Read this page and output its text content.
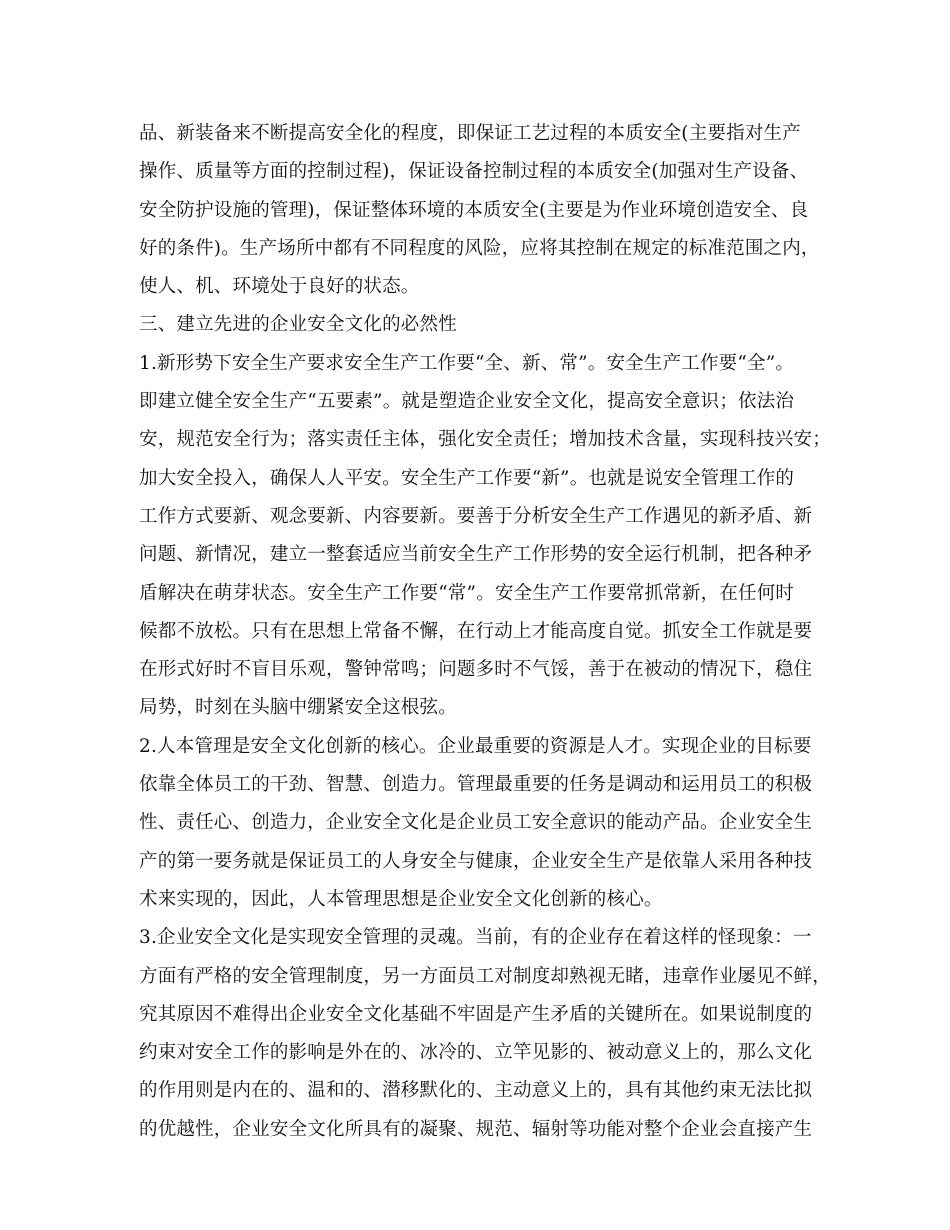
品、新装备来不断提高安全化的程度，即保证工艺过程的本质安全(主要指对生产
操作、质量等方面的控制过程)，保证设备控制过程的本质安全(加强对生产设备、
安全防护设施的管理)，保证整体环境的本质安全(主要是为作业环境创造安全、良
好的条件)。生产场所中都有不同程度的风险，应将其控制在规定的标准范围之内，
使人、机、环境处于良好的状态。
三、建立先进的企业安全文化的必然性
1.新形势下安全生产要求安全生产工作要“全、新、常”。安全生产工作要“全”。
即建立健全安全生产“五要素”。就是塑造企业安全文化，提高安全意识；依法治
安，规范安全行为；落实责任主体，强化安全责任；增加技术含量，实现科技兴安；
加大安全投入，确保人人平安。安全生产工作要“新”。也就是说安全管理工作的
工作方式要新、观念要新、内容要新。要善于分析安全生产工作遇见的新矛盾、新
问题、新情况，建立一整套适应当前安全生产工作形势的安全运行机制，把各种矛
盾解决在萌芽状态。安全生产工作要“常”。安全生产工作要常抓常新，在任何时
候都不放松。只有在思想上常备不懈，在行动上才能高度自觉。抓安全工作就是要
在形式好时不盲目乐观，警钟常鸣；问题多时不气馁，善于在被动的情况下，稳住
局势，时刻在头脑中绷紧安全这根弦。
2.人本管理是安全文化创新的核心。企业最重要的资源是人才。实现企业的目标要
依靠全体员工的干劲、智慧、创造力。管理最重要的任务是调动和运用员工的积极
性、责任心、创造力，企业安全文化是企业员工安全意识的能动产品。企业安全生
产的第一要务就是保证员工的人身安全与健康，企业安全生产是依靠人采用各种技
术来实现的，因此，人本管理思想是企业安全文化创新的核心。
3.企业安全文化是实现安全管理的灵魂。当前，有的企业存在着这样的怪现象：一
方面有严格的安全管理制度，另一方面员工对制度却熟视无睹，违章作业屡见不鲜，
究其原因不难得出企业安全文化基础不牢固是产生矛盾的关键所在。如果说制度的
约束对安全工作的影响是外在的、冰冷的、立竿见影的、被动意义上的，那么文化
的作用则是内在的、温和的、潜移默化的、主动意义上的，具有其他约束无法比拟
的优越性，企业安全文化所具有的凝聚、规范、辐射等功能对整个企业会直接产生
